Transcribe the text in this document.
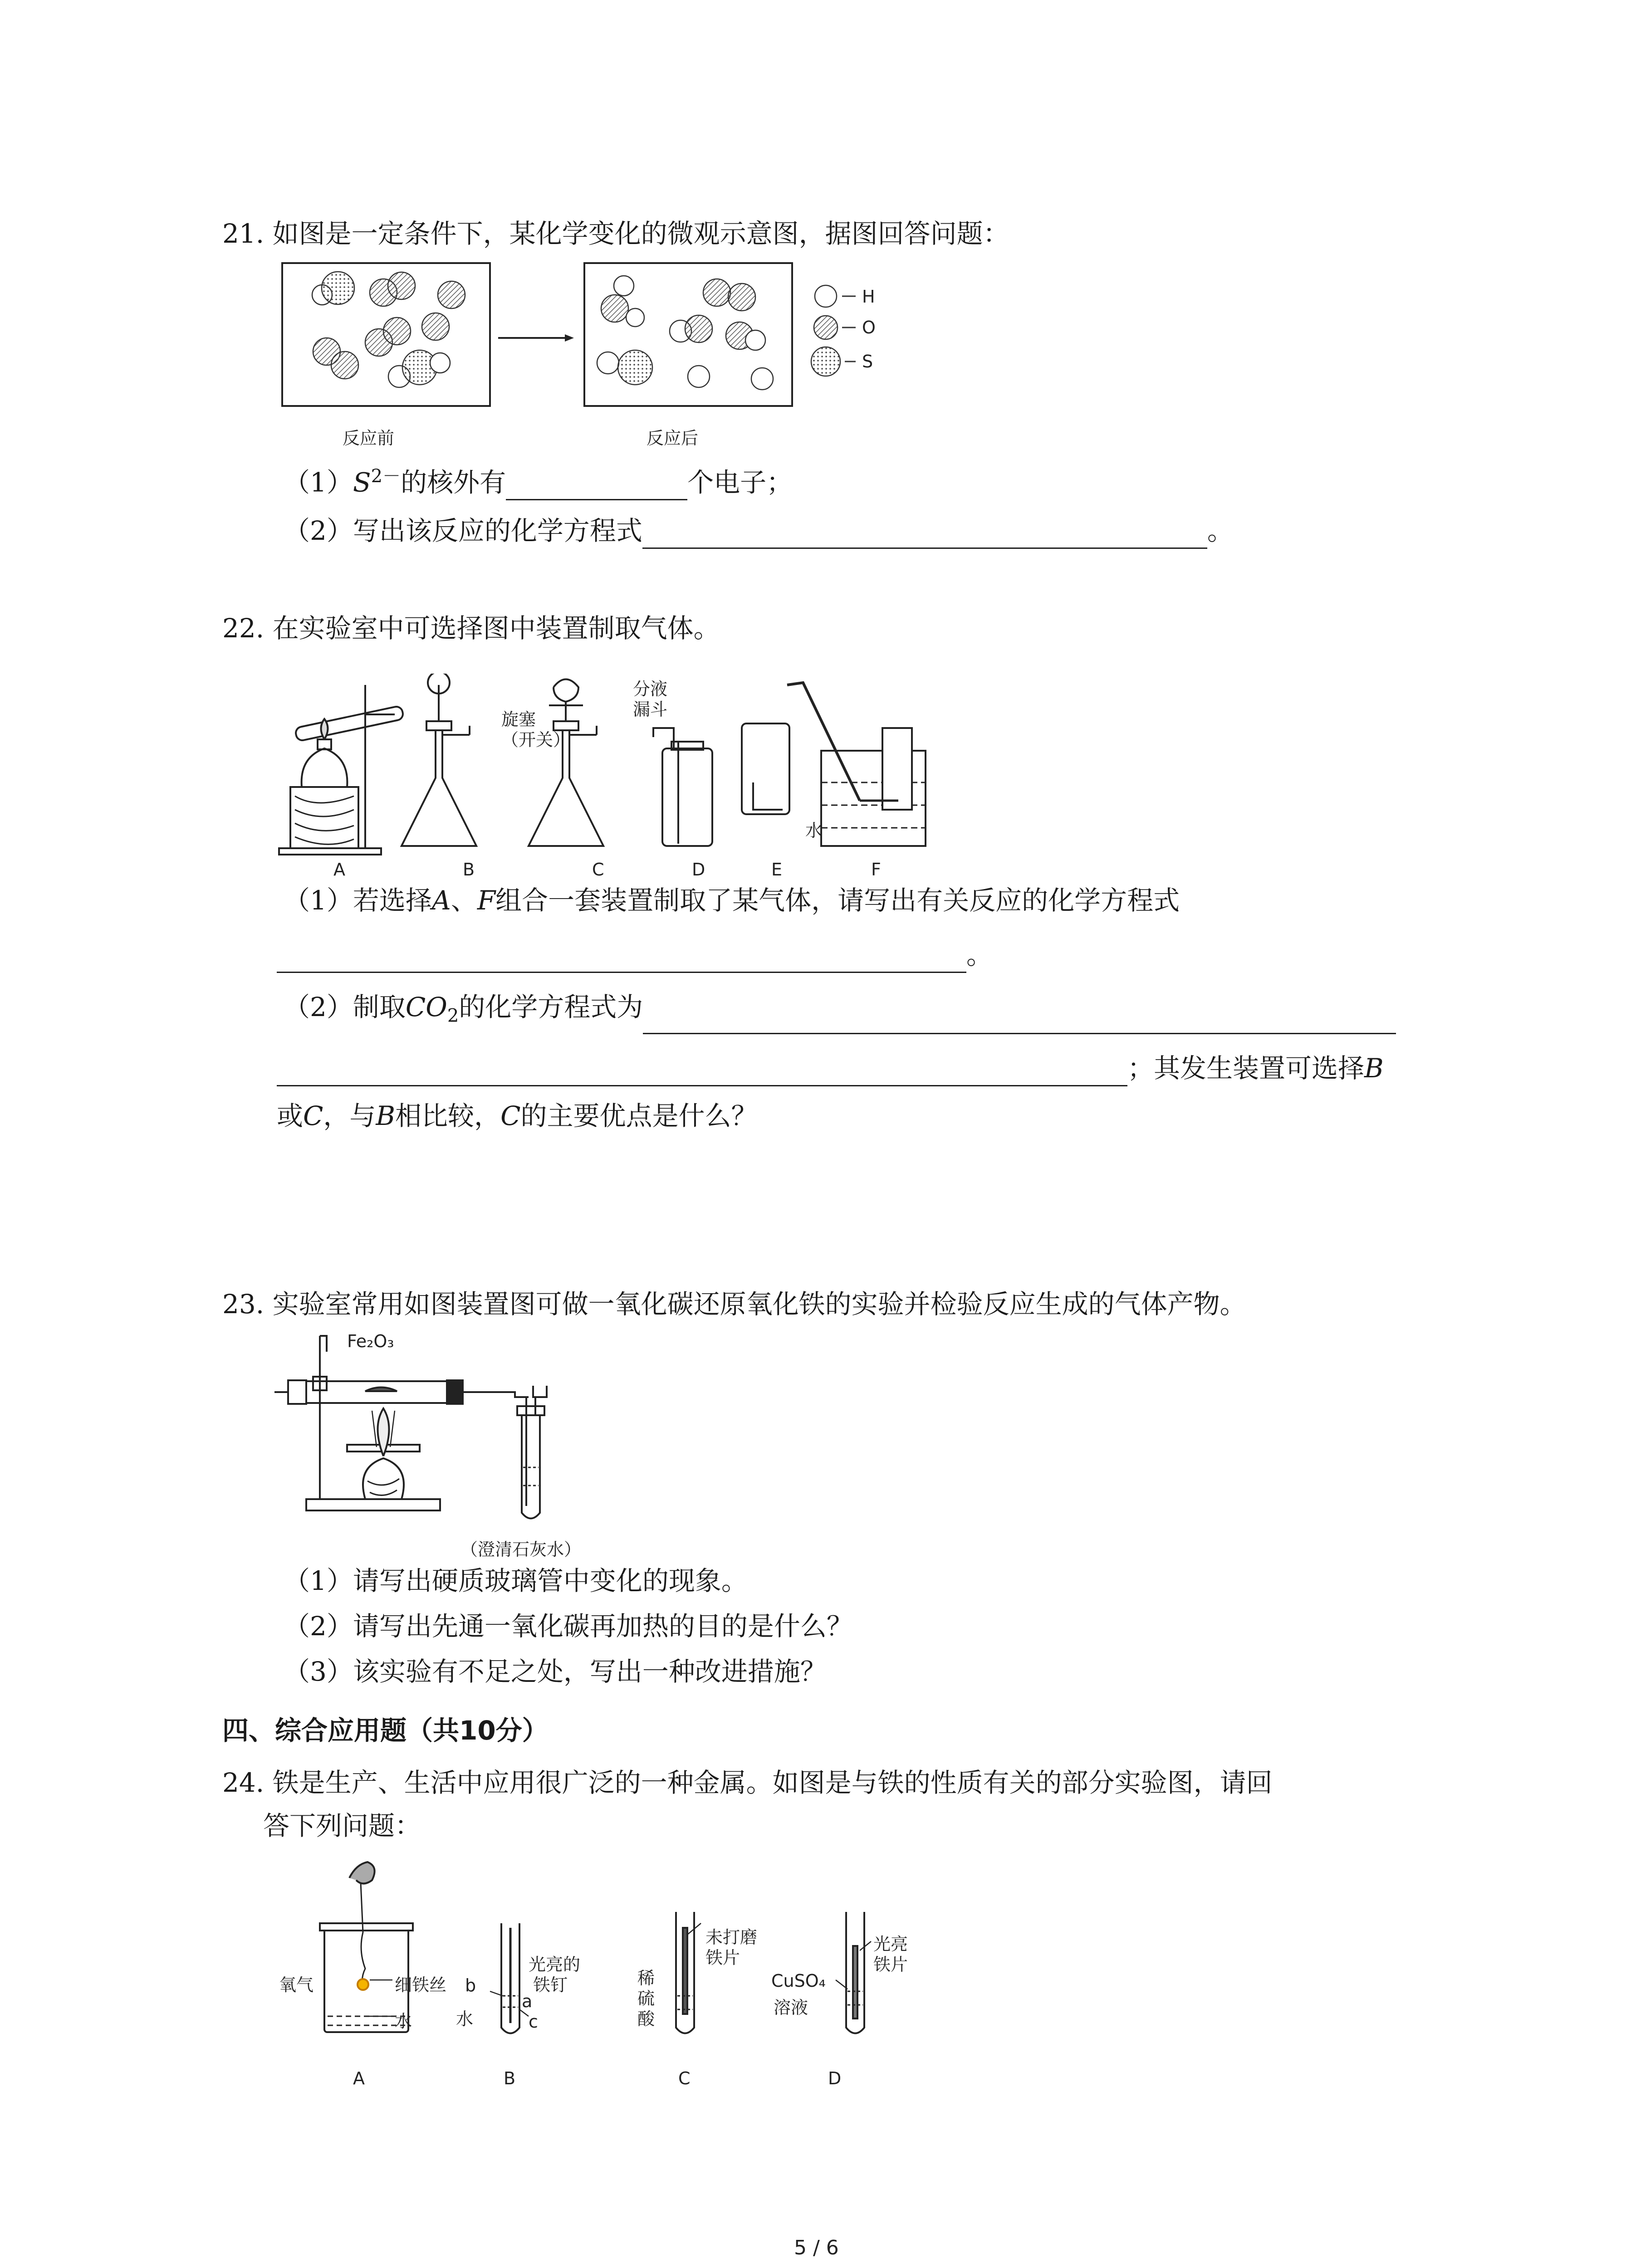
21. 如图是一定条件下，某化学变化的微观示意图，据图回答问题：
H
O
S
反应前	反应后
$(1)S^{2-}$的核外有	个电子；
（2）写出该反应的化学方程式	。
22. 在实验室中可选择图中装置制取气体。
旋塞
（开关）
分液
漏斗
水
A	B	C	D	E	F
（1）若选择A、F组合一套装置制取了某气体，请写出有关反应的化学方程式
。
（2）制取$CO_2$的化学方程式为
；其发生装置可选择B
或C，与B相比较，C的主要优点是什么？
23. 实验室常用如图装置图可做一氧化碳还原氧化铁的实验并检验反应生成的气体产物。
Fe₂O₃
（澄清石灰水）
（1）请写出硬质玻璃管中变化的现象。
（2）请写出先通一氧化碳再加热的目的是什么？
（3）该实验有不足之处，写出一种改进措施？
四、综合应用题（共10分）
24. 铁是生产、生活中应用很广泛的一种金属。如图是与铁的性质有关的部分实验图，请回
答下列问题：
氧气	细铁丝
水
b
a
c
水
光亮的
铁钉	稀
硫
酸
未打磨
铁片
CuSO₄
溶液
光亮
铁片
A	B	C	D
5 / 6
